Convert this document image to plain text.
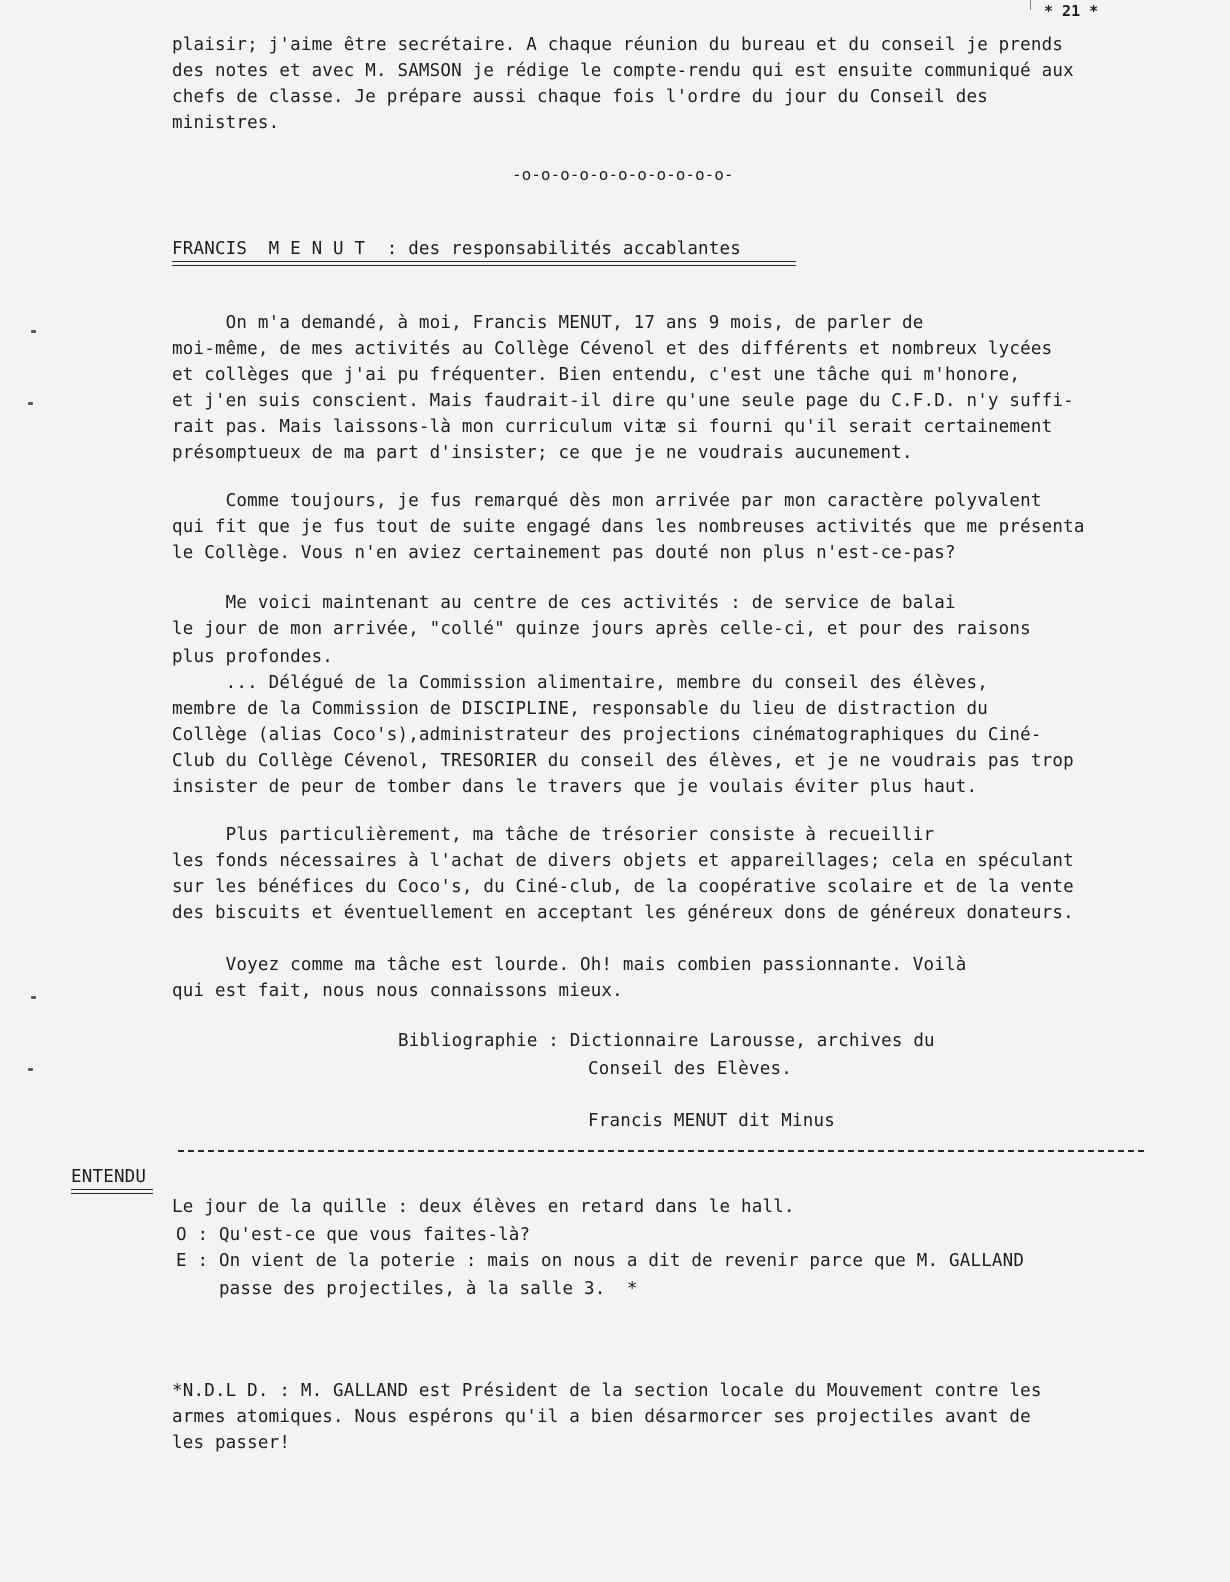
* 21 *
plaisir; j'aime être secrétaire. A chaque réunion du bureau et du conseil je prends
des notes et avec M. SAMSON je rédige le compte-rendu qui est ensuite communiqué aux
chefs de classe. Je prépare aussi chaque fois l'ordre du jour du Conseil des
ministres.
-o-o-o-o-o-o-o-o-o-o-o-
FRANCIS  M E N U T  : des responsabilités accablantes
On m'a demandé, à moi, Francis MENUT, 17 ans 9 mois, de parler de
moi-même, de mes activités au Collège Cévenol et des différents et nombreux lycées
et collèges que j'ai pu fréquenter. Bien entendu, c'est une tâche qui m'honore,
et j'en suis conscient. Mais faudrait-il dire qu'une seule page du C.F.D. n'y suffi-
rait pas. Mais laissons-là mon curriculum vitæ si fourni qu'il serait certainement
présomptueux de ma part d'insister; ce que je ne voudrais aucunement.
Comme toujours, je fus remarqué dès mon arrivée par mon caractère polyvalent
qui fit que je fus tout de suite engagé dans les nombreuses activités que me présenta
le Collège. Vous n'en aviez certainement pas douté non plus n'est-ce-pas?
Me voici maintenant au centre de ces activités : de service de balai
le jour de mon arrivée, "collé" quinze jours après celle-ci, et pour des raisons
plus profondes.
... Délégué de la Commission alimentaire, membre du conseil des élèves,
membre de la Commission de DISCIPLINE, responsable du lieu de distraction du
Collège (alias Coco's),administrateur des projections cinématographiques du Ciné-
Club du Collège Cévenol, TRESORIER du conseil des élèves, et je ne voudrais pas trop
insister de peur de tomber dans le travers que je voulais éviter plus haut.
Plus particulièrement, ma tâche de trésorier consiste à recueillir
les fonds nécessaires à l'achat de divers objets et appareillages; cela en spéculant
sur les bénéfices du Coco's, du Ciné-club, de la coopérative scolaire et de la vente
des biscuits et éventuellement en acceptant les généreux dons de généreux donateurs.
Voyez comme ma tâche est lourde. Oh! mais combien passionnante. Voilà
qui est fait, nous nous connaissons mieux.
Bibliographie : Dictionnaire Larousse, archives du
Conseil des Elèves.
Francis MENUT dit Minus
ENTENDU
Le jour de la quille : deux élèves en retard dans le hall.
O : Qu'est-ce que vous faites-là?
E : On vient de la poterie : mais on nous a dit de revenir parce que M. GALLAND
passe des projectiles, à la salle 3.  *
*N.D.L D. : M. GALLAND est Président de la section locale du Mouvement contre les
armes atomiques. Nous espérons qu'il a bien désarmorcer ses projectiles avant de
les passer!
